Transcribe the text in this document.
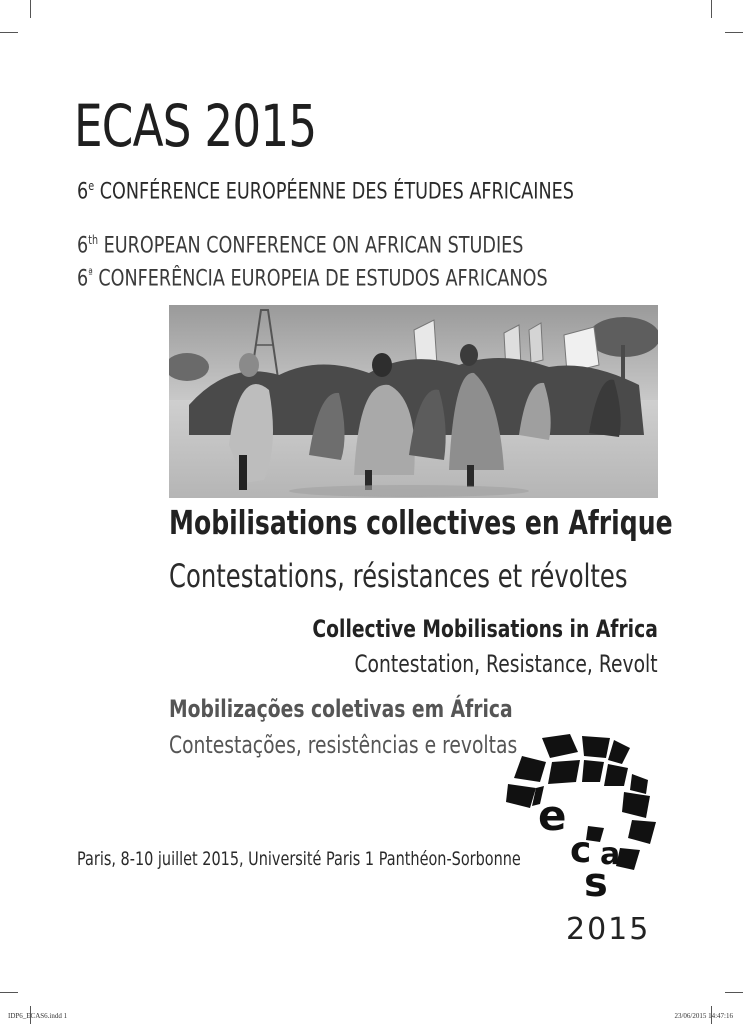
ECAS 2015
6e CONFÉRENCE EUROPÉENNE DES ÉTUDES AFRICAINES
6th EUROPEAN CONFERENCE ON AFRICAN STUDIES
$6^ª$ CONFERÊNCIA EUROPEIA DE ESTUDOS AFRICANOS
Mobilisations collectives en Afrique
Contestations, résistances et révoltes
Collective Mobilisations in Africa
Contestation, Resistance, Revolt
Mobilizações coletivas em África
Contestações, resistências e revoltas
Paris, 8-10 juillet 2015, Université Paris 1 Panthéon-Sorbonne
e
c a
s
2015
IDP6_ECAS6.indd 1	23/06/2015 14:47:16
